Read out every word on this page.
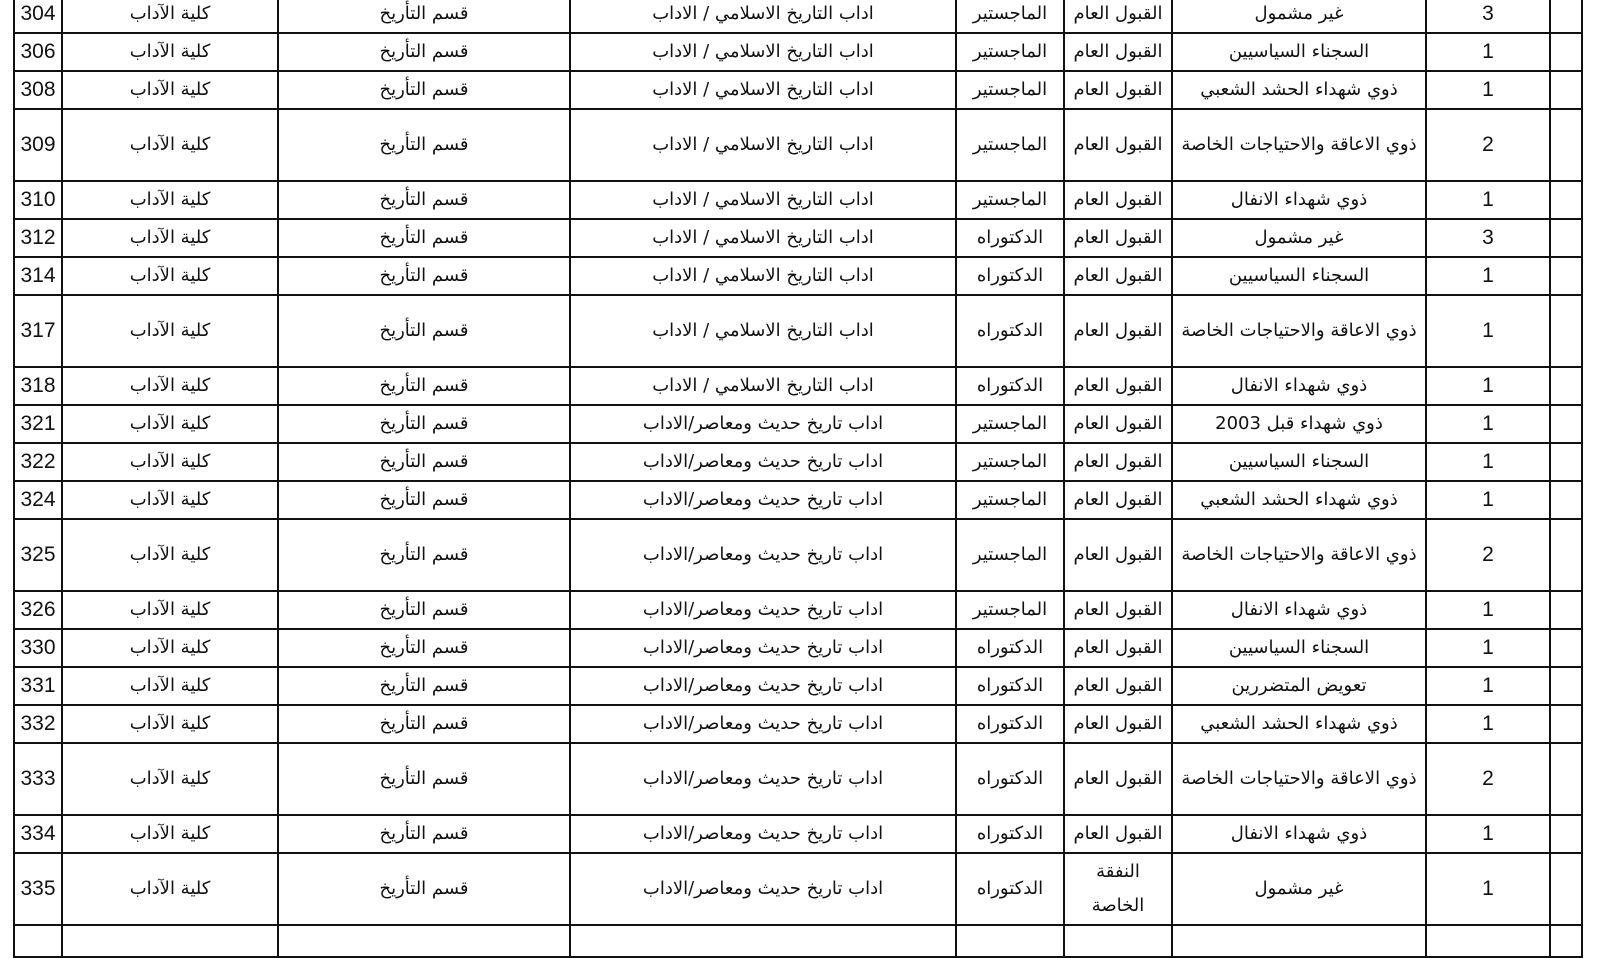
304	كلية الآداب	قسم التأريخ	اداب التاريخ الاسلامي / الاداب	الماجستير	القبول العام	غير مشمول	3	
306	كلية الآداب	قسم التأريخ	اداب التاريخ الاسلامي / الاداب	الماجستير	القبول العام	السجناء السياسيين	1	
308	كلية الآداب	قسم التأريخ	اداب التاريخ الاسلامي / الاداب	الماجستير	القبول العام	ذوي شهداء الحشد الشعبي	1	
309	كلية الآداب	قسم التأريخ	اداب التاريخ الاسلامي / الاداب	الماجستير	القبول العام	ذوي الاعاقة والاحتياجات الخاصة	2	
310	كلية الآداب	قسم التأريخ	اداب التاريخ الاسلامي / الاداب	الماجستير	القبول العام	ذوي شهداء الانفال	1	
312	كلية الآداب	قسم التأريخ	اداب التاريخ الاسلامي / الاداب	الدكتوراه	القبول العام	غير مشمول	3	
314	كلية الآداب	قسم التأريخ	اداب التاريخ الاسلامي / الاداب	الدكتوراه	القبول العام	السجناء السياسيين	1	
317	كلية الآداب	قسم التأريخ	اداب التاريخ الاسلامي / الاداب	الدكتوراه	القبول العام	ذوي الاعاقة والاحتياجات الخاصة	1	
318	كلية الآداب	قسم التأريخ	اداب التاريخ الاسلامي / الاداب	الدكتوراه	القبول العام	ذوي شهداء الانفال	1	
321	كلية الآداب	قسم التأريخ	اداب تاريخ حديث ومعاصر/الاداب	الماجستير	القبول العام	ذوي شهداء قبل 2003	1	
322	كلية الآداب	قسم التأريخ	اداب تاريخ حديث ومعاصر/الاداب	الماجستير	القبول العام	السجناء السياسيين	1	
324	كلية الآداب	قسم التأريخ	اداب تاريخ حديث ومعاصر/الاداب	الماجستير	القبول العام	ذوي شهداء الحشد الشعبي	1	
325	كلية الآداب	قسم التأريخ	اداب تاريخ حديث ومعاصر/الاداب	الماجستير	القبول العام	ذوي الاعاقة والاحتياجات الخاصة	2	
326	كلية الآداب	قسم التأريخ	اداب تاريخ حديث ومعاصر/الاداب	الماجستير	القبول العام	ذوي شهداء الانفال	1	
330	كلية الآداب	قسم التأريخ	اداب تاريخ حديث ومعاصر/الاداب	الدكتوراه	القبول العام	السجناء السياسيين	1	
331	كلية الآداب	قسم التأريخ	اداب تاريخ حديث ومعاصر/الاداب	الدكتوراه	القبول العام	تعويض المتضررين	1	
332	كلية الآداب	قسم التأريخ	اداب تاريخ حديث ومعاصر/الاداب	الدكتوراه	القبول العام	ذوي شهداء الحشد الشعبي	1	
333	كلية الآداب	قسم التأريخ	اداب تاريخ حديث ومعاصر/الاداب	الدكتوراه	القبول العام	ذوي الاعاقة والاحتياجات الخاصة	2	
334	كلية الآداب	قسم التأريخ	اداب تاريخ حديث ومعاصر/الاداب	الدكتوراه	القبول العام	ذوي شهداء الانفال	1	
335	كلية الآداب	قسم التأريخ	اداب تاريخ حديث ومعاصر/الاداب	الدكتوراه	النفقة الخاصة	غير مشمول	1	
